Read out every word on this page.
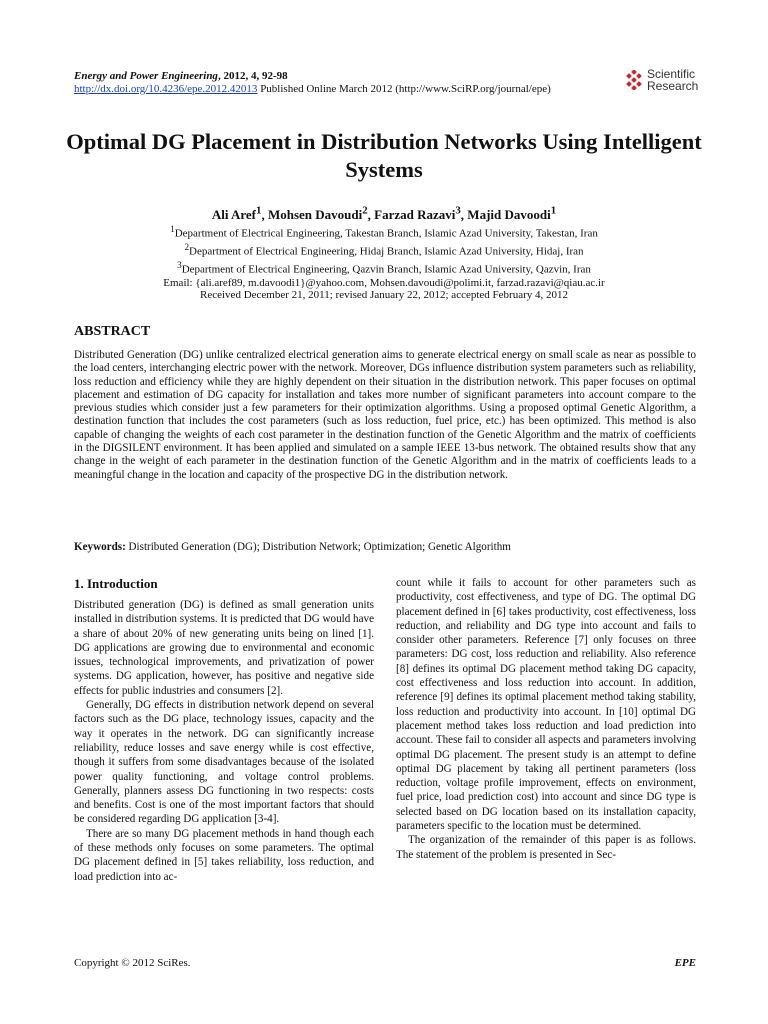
Energy and Power Engineering, 2012, 4, 92-98
http://dx.doi.org/10.4236/epe.2012.42013 Published Online March 2012 (http://www.SciRP.org/journal/epe)
Scientific
Research
Optimal DG Placement in Distribution Networks Using Intelligent Systems
Ali Aref$^1$, Mohsen Davoudi$^2$, Farzad Razavi$^3$, Majid Davoodi$^1$
$^1$Department of Electrical Engineering, Takestan Branch, Islamic Azad University, Takestan, Iran
$^2$Department of Electrical Engineering, Hidaj Branch, Islamic Azad University, Hidaj, Iran
$^3$Department of Electrical Engineering, Qazvin Branch, Islamic Azad University, Qazvin, Iran
Email: {ali.aref89, m.davoodi1}@yahoo.com, Mohsen.davoudi@polimi.it, farzad.razavi@qiau.ac.ir
Received December 21, 2011; revised January 22, 2012; accepted February 4, 2012
ABSTRACT
Distributed Generation (DG) unlike centralized electrical generation aims to generate electrical energy on small scale as near as possible to the load centers, interchanging electric power with the network. Moreover, DGs influence distribution system parameters such as reliability, loss reduction and efficiency while they are highly dependent on their situation in the distribution network. This paper focuses on optimal placement and estimation of DG capacity for installation and takes more number of significant parameters into account compare to the previous studies which consider just a few parameters for their optimization algorithms. Using a proposed optimal Genetic Algorithm, a destination function that includes the cost parameters (such as loss reduction, fuel price, etc.) has been optimized. This method is also capable of changing the weights of each cost parameter in the destination function of the Genetic Algorithm and the matrix of coefficients in the DIGSILENT environment. It has been applied and simulated on a sample IEEE 13-bus network. The obtained results show that any change in the weight of each parameter in the destination function of the Genetic Algorithm and in the matrix of coefficients leads to a meaningful change in the location and capacity of the prospective DG in the distribution network.
Keywords: Distributed Generation (DG); Distribution Network; Optimization; Genetic Algorithm
1. Introduction

Distributed generation (DG) is defined as small generation units installed in distribution systems. It is predicted that DG would have a share of about 20% of new generating units being on lined [1]. DG applications are growing due to environmental and economic issues, technological improvements, and privatization of power systems. DG application, however, has positive and negative side effects for public industries and consumers [2].

Generally, DG effects in distribution network depend on several factors such as the DG place, technology issues, capacity and the way it operates in the network. DG can significantly increase reliability, reduce losses and save energy while is cost effective, though it suffers from some disadvantages because of the isolated power quality functioning, and voltage control problems. Generally, planners assess DG functioning in two respects: costs and benefits. Cost is one of the most important factors that should be considered regarding DG application [3-4].

There are so many DG placement methods in hand though each of these methods only focuses on some parameters. The optimal DG placement defined in [5] takes reliability, loss reduction, and load prediction into ac-

count while it fails to account for other parameters such as productivity, cost effectiveness, and type of DG. The optimal DG placement defined in [6] takes productivity, cost effectiveness, loss reduction, and reliability and DG type into account and fails to consider other parameters. Reference [7] only focuses on three parameters: DG cost, loss reduction and reliability. Also reference [8] defines its optimal DG placement method taking DG capacity, cost effectiveness and loss reduction into account. In addition, reference [9] defines its optimal placement method taking stability, loss reduction and productivity into account. In [10] optimal DG placement method takes loss reduction and load prediction into account. These fail to consider all aspects and parameters involving optimal DG placement. The present study is an attempt to define optimal DG placement by taking all pertinent parameters (loss reduction, voltage profile improvement, effects on environment, fuel price, load prediction cost) into account and since DG type is selected based on DG location based on its installation capacity, parameters specific to the location must be determined.

The organization of the remainder of this paper is as follows. The statement of the problem is presented in Sec-

Copyright © 2012 SciRes.	EPE
